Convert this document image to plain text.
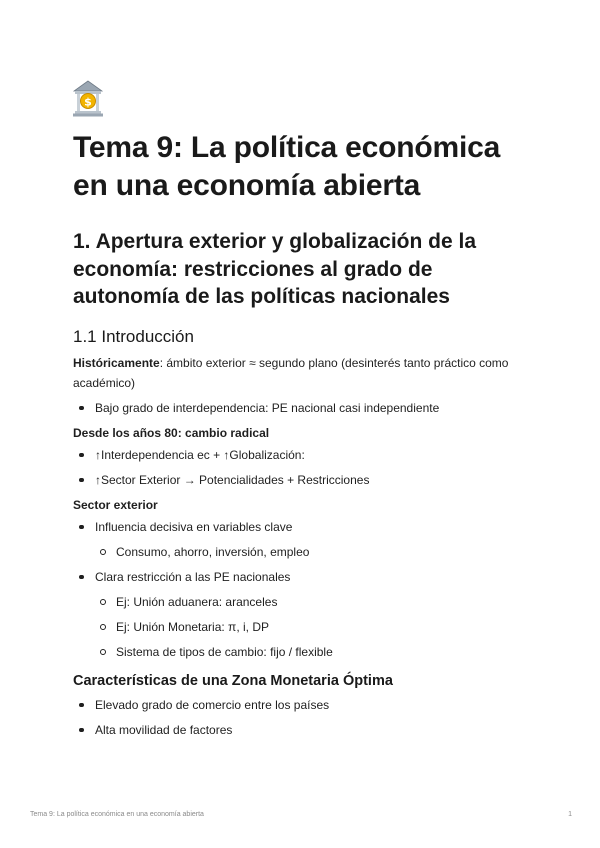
$
Tema 9: La política económica en una economía abierta
1. Apertura exterior y globalización de la economía: restricciones al grado de autonomía de las políticas nacionales
1.1 Introducción

Históricamente: ámbito exterior ≈ segundo plano (desinterés tanto práctico como académico)

Bajo grado de interdependencia: PE nacional casi independiente

Desde los años 80: cambio radical

↑Interdependencia ec + ↑Globalización:
↑Sector Exterior → Potencialidades + Restricciones

Sector exterior

Influencia decisiva en variables clave
Consumo, ahorro, inversión, empleo
Clara restricción a las PE nacionales
Ej: Unión aduanera: aranceles
Ej: Unión Monetaria: π, i, DP
Sistema de tipos de cambio: fijo / flexible
Características de una Zona Monetaria Óptima
Elevado grado de comercio entre los países
Alta movilidad de factores
Tema 9: La política económica en una economía abierta	1
